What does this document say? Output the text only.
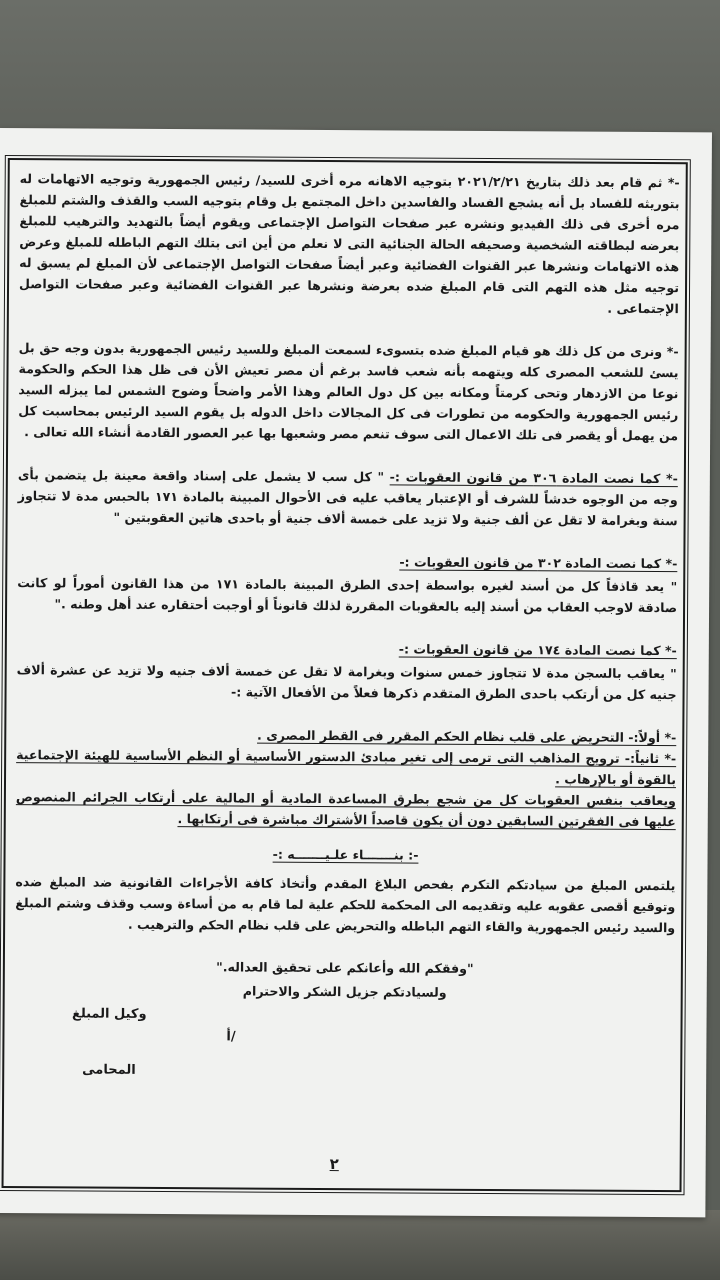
-* ثم قام بعد ذلك بتاريخ ٢٠٢١/٢/٢١ بتوجيه الاهانه مره أخرى للسيد/ رئيس الجمهورية وتوجيه الاتهامات له بتوريثه للفساد بل أنه يشجع الفساد والفاسدين داخل المجتمع بل وقام بتوجيه السب والقذف والشتم للمبلغ مره أخرى فى ذلك الفيديو ونشره عبر صفحات التواصل الإجتماعى ويقوم أيضاً بالتهديد والترهيب للمبلغ بعرضه لبطاقته الشخصية وصحيفه الحالة الجنائية التى لا نعلم من أين اتى بتلك التهم الباطله للمبلغ وعرض هذه الاتهامات ونشرها عبر القنوات الفضائية وعبر أيضاً صفحات التواصل الإجتماعى لأن المبلغ لم يسبق له توجيه مثل هذه التهم التى قام المبلغ ضده بعرضة ونشرها عبر القنوات الفضائية وعبر صفحات التواصل الإجتماعى .

-* ونرى من كل ذلك هو قيام المبلغ ضده بتسوىء لسمعت المبلغ وللسيد رئيس الجمهورية بدون وجه حق بل يسئ للشعب المصرى كله ويتهمه بأنه شعب فاسد برغم أن مصر تعيش الأن فى ظل هذا الحكم والحكومة نوعا من الازدهار وتحى كرمتاً ومكانه بين كل دول العالم وهذا الأمر واضحاً وضوح الشمس لما يبزله السيد رئيس الجمهورية والحكومه من تطورات فى كل المجالات داخل الدوله بل يقوم السيد الرئيس بمحاسبت كل من يهمل أو يقصر فى تلك الاعمال التى سوف تنعم مصر وشعبها بها عبر العصور القادمة أنشاء الله تعالى .

-* كما نصت المادة ٣٠٦ من قانون العقوبات :- " كل سب لا يشمل على إسناد واقعة معينة بل يتضمن بأى وجه من الوجوه خدشاً للشرف أو الإعتبار يعاقب عليه فى الأحوال المبينة بالمادة ١٧١ بالحبس مدة لا تتجاوز سنة وبغرامة لا تقل عن ألف جنية ولا تزيد على خمسة ألاف جنية أو باحدى هاتين العقوبتين "

-* كما نصت المادة ٣٠٢ من قانون العقوبات :-

" يعد قاذفاً كل من أسند لغيره بواسطة إحدى الطرق المبينة بالمادة ١٧١ من هذا القانون أموراً لو كانت صادقة لاوجب العقاب من أسند إليه بالعقوبات المقررة لذلك قانوناً أو أوجبت أحتقاره عند أهل وطنه ."

-* كما نصت المادة ١٧٤ من قانون العقوبات :-

" يعاقب بالسجن مدة لا تتجاوز خمس سنوات وبغرامة لا تقل عن خمسة ألاف جنيه ولا تزيد عن عشرة ألاف جنيه كل من أرتكب باحدى الطرق المتقدم ذكرها فعلاً من الأفعال الآتية :-

-* أولاً:- التحريض على قلب نظام الحكم المقرر فى القطر المصرى .

-* ثانياً:- ترويج المذاهب التى ترمى إلى تغير مبادئ الدستور الأساسية أو النظم الأساسية للهيئة الإجتماعية بالقوة أو بالإرهاب .

ويعاقب بنفس العقوبات كل من شجع بطرق المساعدة المادية أو المالية على أرتكاب الجرائم المنصوص عليها فى الفقرتين السابقين دون أن يكون قاصداً الأشتراك مباشرة فى أرتكابها .

-: بنـــــــاء علـيـــــــه :-

يلتمس المبلغ من سيادتكم التكرم بفحص البلاغ المقدم وأتخاذ كافة الأجراءات القانونية ضد المبلغ ضده وتوقيع أقصى عقوبه عليه وتقديمه الى المحكمة للحكم علية لما قام به من أساءة وسب وقذف وشتم المبلغ والسيد رئيس الجمهورية والقاء التهم الباطله والتحريض على قلب نظام الحكم والترهيب .

"وفقكم الله وأعانكم على تحقيق العداله."

ولسيادتكم جزيل الشكر والاحترام

وكيل المبلغ
المحامى
أ/
٢
